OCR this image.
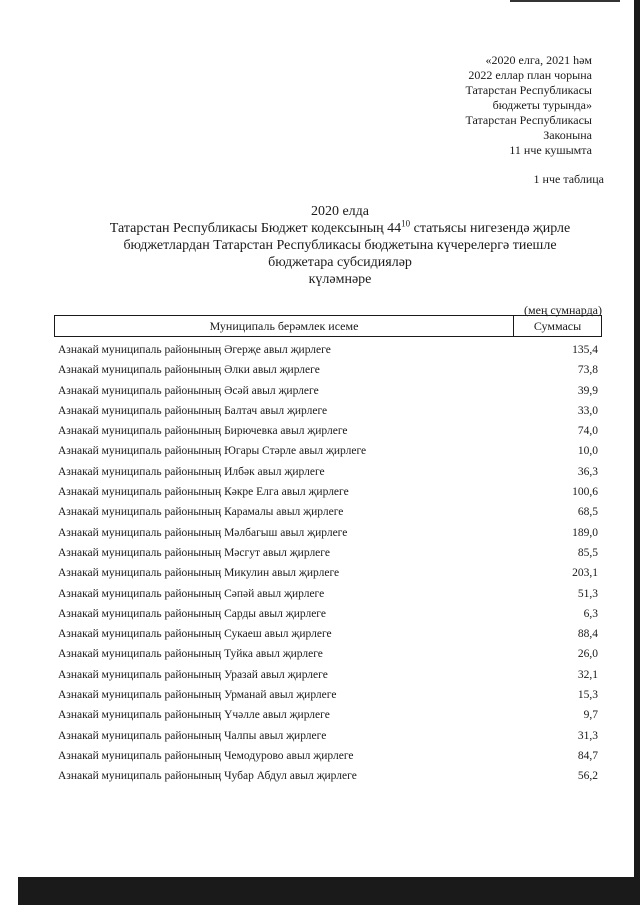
«2020 елга, 2021 һәм
2022 еллар план чорына
Татарстан Республикасы
бюджеты турында»
Татарстан Республикасы
Законына
11 нче кушымта
1 нче таблица
2020 елда
Татарстан Республикасы Бюджет кодексының $44^{10}$ статьясы нигезендә җирле
бюджетлардан Татарстан Республикасы бюджетына күчерелергә тиешле
бюджетара субсидияләр
күләмнәре
(мең сумнарда)
Муниципаль берәмлек исеме	Суммасы
Азнакай муниципаль районының Әгерҗе авыл җирлеге	135,4
Азнакай муниципаль районының Әлки авыл җирлеге	73,8
Азнакай муниципаль районының Әсәй авыл җирлеге	39,9
Азнакай муниципаль районының Балтач авыл җирлеге	33,0
Азнакай муниципаль районының Бирючевка авыл җирлеге	74,0
Азнакай муниципаль районының Югары Стәрле авыл җирлеге	10,0
Азнакай муниципаль районының Илбәк авыл җирлеге	36,3
Азнакай муниципаль районының Кәкре Елга авыл җирлеге	100,6
Азнакай муниципаль районының Карамалы авыл җирлеге	68,5
Азнакай муниципаль районының Мәлбагыш авыл җирлеге	189,0
Азнакай муниципаль районының Мәсгут авыл җирлеге	85,5
Азнакай муниципаль районының Микулин авыл җирлеге	203,1
Азнакай муниципаль районының Сәпәй авыл җирлеге	51,3
Азнакай муниципаль районының Сарды авыл җирлеге	6,3
Азнакай муниципаль районының Сукаеш авыл җирлеге	88,4
Азнакай муниципаль районының Туйка авыл җирлеге	26,0
Азнакай муниципаль районының Уразай авыл җирлеге	32,1
Азнакай муниципаль районының Урманай авыл җирлеге	15,3
Азнакай муниципаль районының Үчәлле авыл җирлеге	9,7
Азнакай муниципаль районының Чалпы авыл җирлеге	31,3
Азнакай муниципаль районының Чемодурово авыл җирлеге	84,7
Азнакай муниципаль районының Чубар Абдул авыл җирлеге	56,2
